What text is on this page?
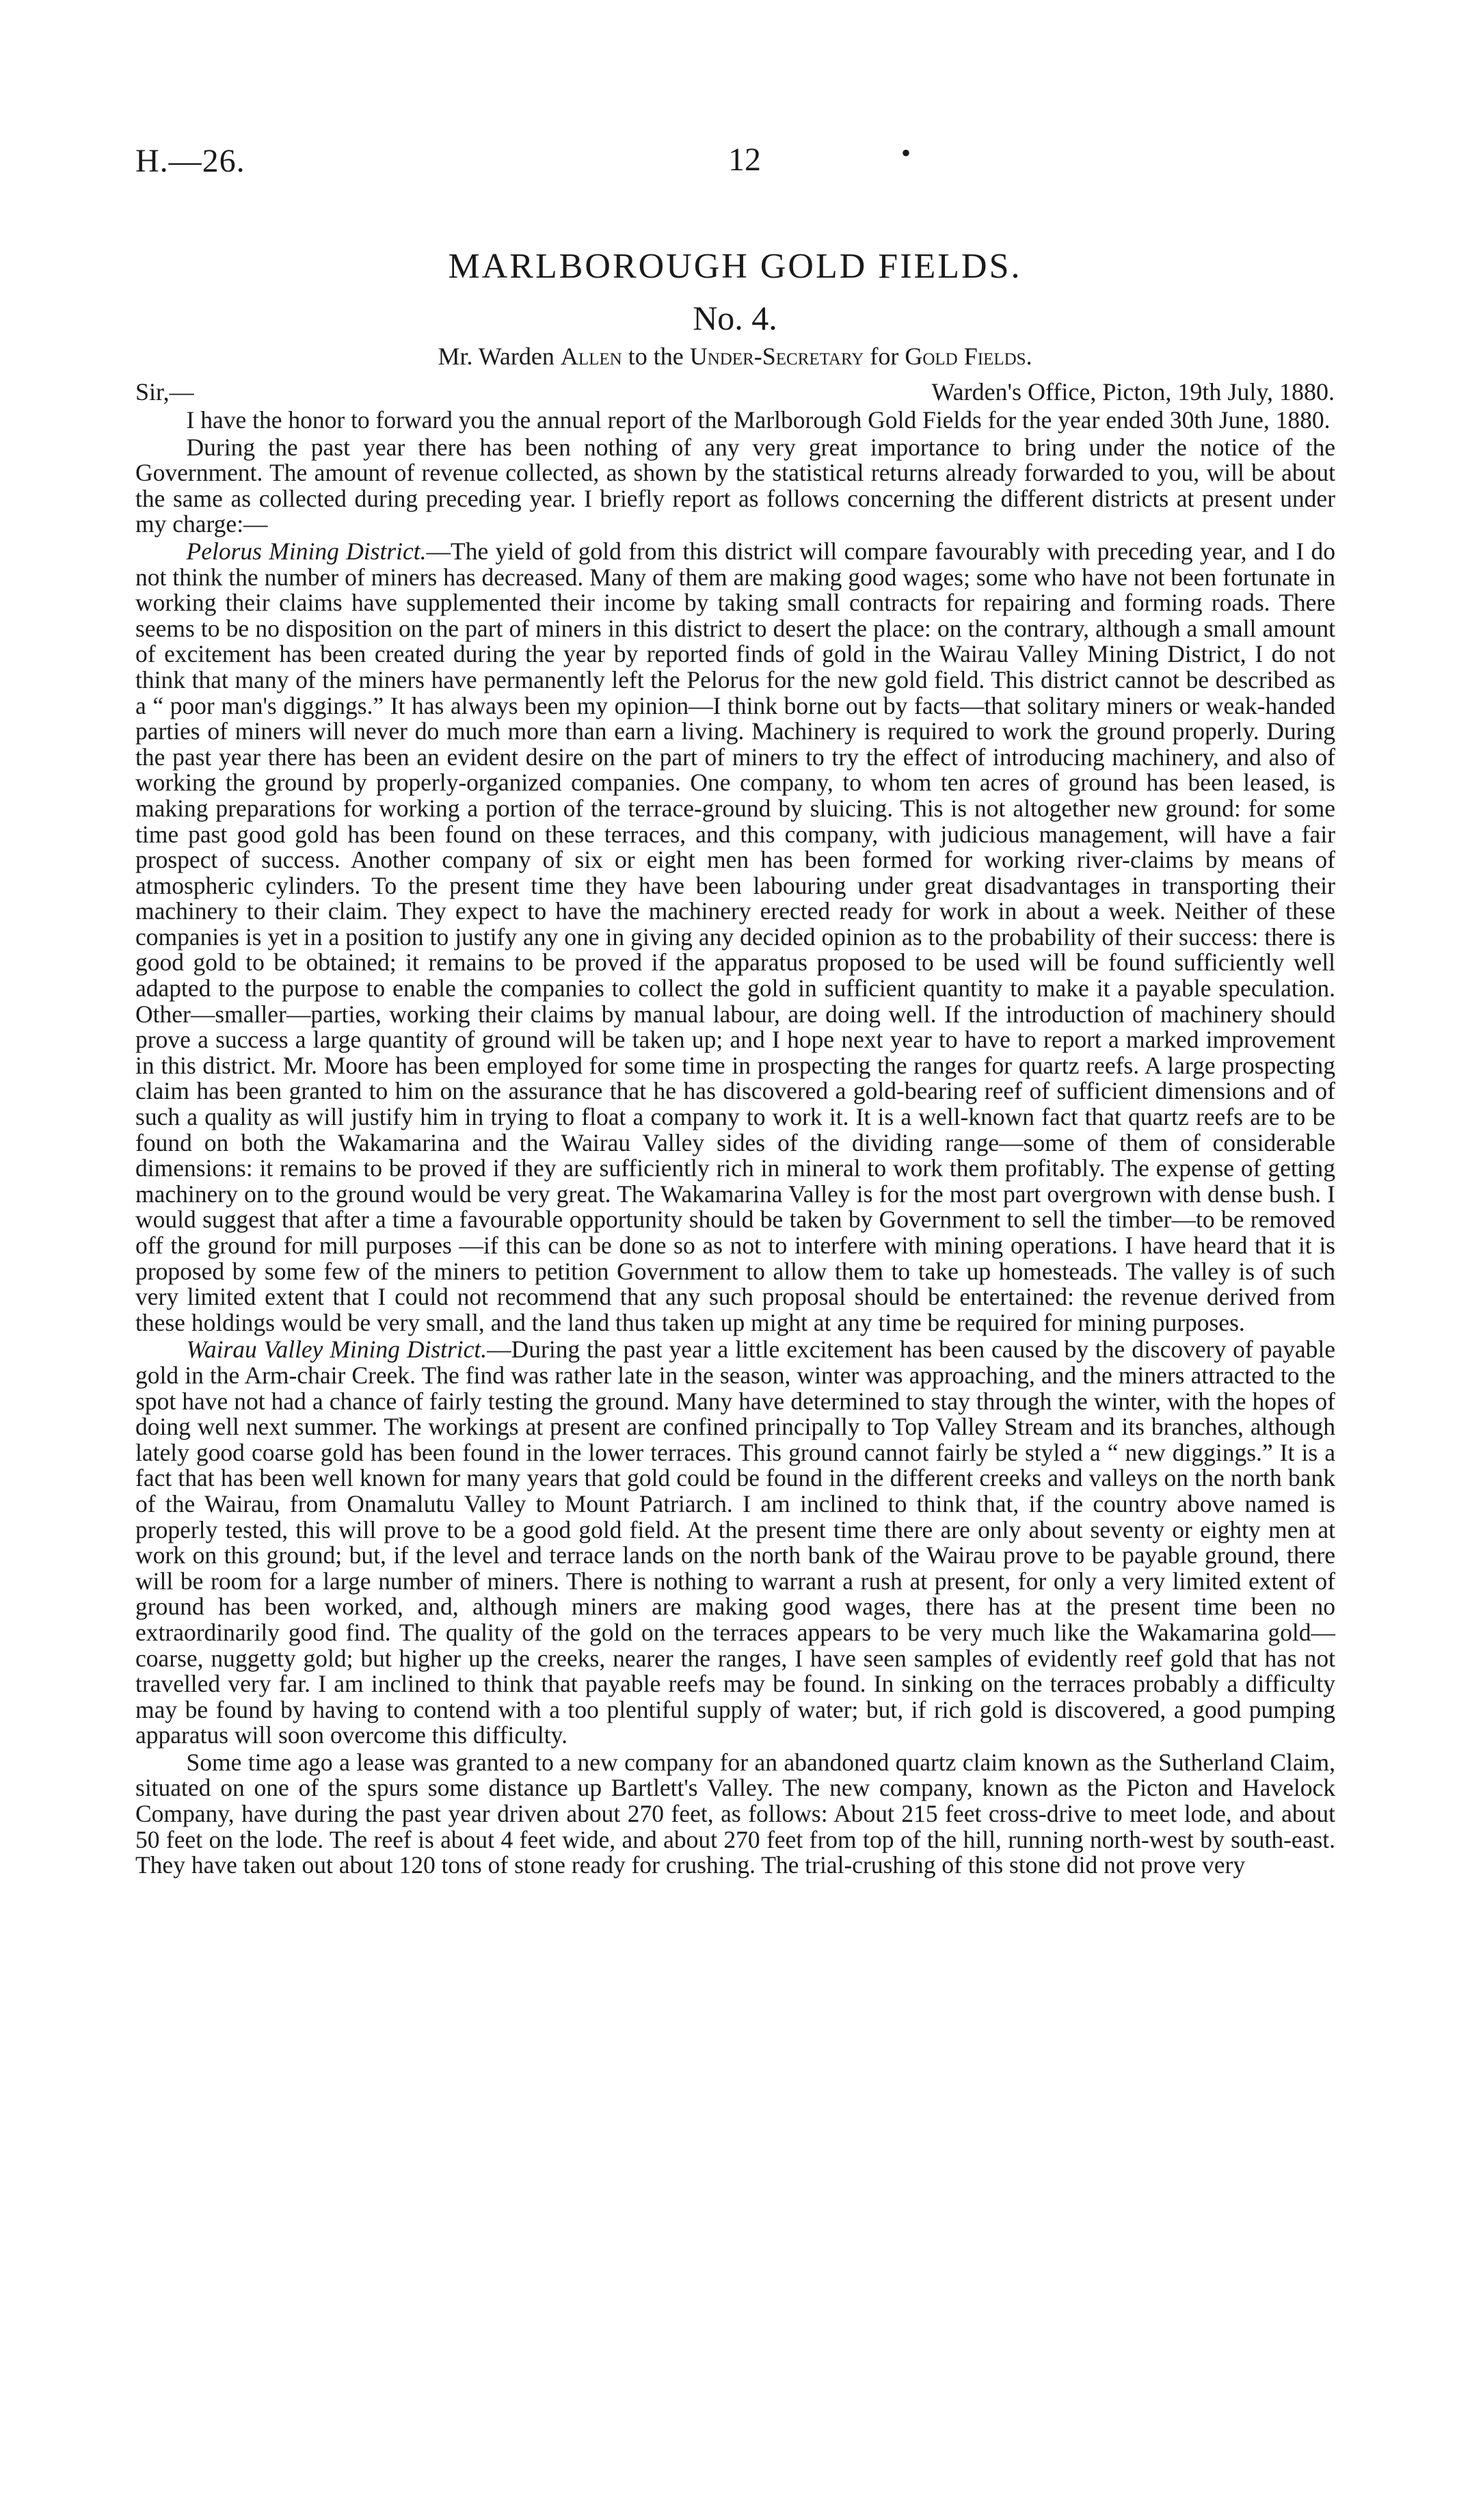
H.—26.	12	•
MARLBOROUGH GOLD FIELDS.
No. 4.
Mr. Warden Allen to the Under-Secretary for Gold Fields.
Sir,—	Warden's Office, Picton, 19th July, 1880.

I have the honor to forward you the annual report of the Marlborough Gold Fields for the year ended 30th June, 1880.

During the past year there has been nothing of any very great importance to bring under the notice of the Government. The amount of revenue collected, as shown by the statistical returns already forwarded to you, will be about the same as collected during preceding year. I briefly report as follows concerning the different districts at present under my charge:—

Pelorus Mining District.—The yield of gold from this district will compare favourably with preceding year, and I do not think the number of miners has decreased. Many of them are making good wages; some who have not been fortunate in working their claims have supplemented their income by taking small contracts for repairing and forming roads. There seems to be no disposition on the part of miners in this district to desert the place: on the contrary, although a small amount of excitement has been created during the year by reported finds of gold in the Wairau Valley Mining District, I do not think that many of the miners have permanently left the Pelorus for the new gold field. This district cannot be described as a “ poor man's diggings.” It has always been my opinion—I think borne out by facts—that solitary miners or weak-handed parties of miners will never do much more than earn a living. Machinery is required to work the ground properly. During the past year there has been an evident desire on the part of miners to try the effect of introducing machinery, and also of working the ground by properly-organized companies. One company, to whom ten acres of ground has been leased, is making preparations for working a portion of the terrace-ground by sluicing. This is not altogether new ground: for some time past good gold has been found on these terraces, and this company, with judicious management, will have a fair prospect of success. Another company of six or eight men has been formed for working river-claims by means of atmospheric cylinders. To the present time they have been labouring under great disadvantages in transporting their machinery to their claim. They expect to have the machinery erected ready for work in about a week. Neither of these companies is yet in a position to justify any one in giving any decided opinion as to the probability of their success: there is good gold to be obtained; it remains to be proved if the apparatus proposed to be used will be found sufficiently well adapted to the purpose to enable the companies to collect the gold in sufficient quantity to make it a payable speculation. Other—smaller—parties, working their claims by manual labour, are doing well. If the introduction of machinery should prove a success a large quantity of ground will be taken up; and I hope next year to have to report a marked improvement in this district. Mr. Moore has been employed for some time in prospecting the ranges for quartz reefs. A large prospecting claim has been granted to him on the assurance that he has discovered a gold-bearing reef of sufficient dimensions and of such a quality as will justify him in trying to float a company to work it. It is a well-known fact that quartz reefs are to be found on both the Wakamarina and the Wairau Valley sides of the dividing range—some of them of considerable dimensions: it remains to be proved if they are sufficiently rich in mineral to work them profitably. The expense of getting machinery on to the ground would be very great. The Wakamarina Valley is for the most part overgrown with dense bush. I would suggest that after a time a favourable opportunity should be taken by Government to sell the timber—to be removed off the ground for mill purposes —if this can be done so as not to interfere with mining operations. I have heard that it is proposed by some few of the miners to petition Government to allow them to take up homesteads. The valley is of such very limited extent that I could not recommend that any such proposal should be entertained: the revenue derived from these holdings would be very small, and the land thus taken up might at any time be required for mining purposes.

Wairau Valley Mining District.—During the past year a little excitement has been caused by the discovery of payable gold in the Arm-chair Creek. The find was rather late in the season, winter was approaching, and the miners attracted to the spot have not had a chance of fairly testing the ground. Many have determined to stay through the winter, with the hopes of doing well next summer. The workings at present are confined principally to Top Valley Stream and its branches, although lately good coarse gold has been found in the lower terraces. This ground cannot fairly be styled a “ new diggings.” It is a fact that has been well known for many years that gold could be found in the different creeks and valleys on the north bank of the Wairau, from Onamalutu Valley to Mount Patriarch. I am inclined to think that, if the country above named is properly tested, this will prove to be a good gold field. At the present time there are only about seventy or eighty men at work on this ground; but, if the level and terrace lands on the north bank of the Wairau prove to be payable ground, there will be room for a large number of miners. There is nothing to warrant a rush at present, for only a very limited extent of ground has been worked, and, although miners are making good wages, there has at the present time been no extraordinarily good find. The quality of the gold on the terraces appears to be very much like the Wakamarina gold—coarse, nuggetty gold; but higher up the creeks, nearer the ranges, I have seen samples of evidently reef gold that has not travelled very far. I am inclined to think that payable reefs may be found. In sinking on the terraces probably a difficulty may be found by having to contend with a too plentiful supply of water; but, if rich gold is discovered, a good pumping apparatus will soon overcome this difficulty.

Some time ago a lease was granted to a new company for an abandoned quartz claim known as the Sutherland Claim, situated on one of the spurs some distance up Bartlett's Valley. The new company, known as the Picton and Havelock Company, have during the past year driven about 270 feet, as follows: About 215 feet cross-drive to meet lode, and about 50 feet on the lode. The reef is about 4 feet wide, and about 270 feet from top of the hill, running north-west by south-east. They have taken out about 120 tons of stone ready for crushing. The trial-crushing of this stone did not prove very
